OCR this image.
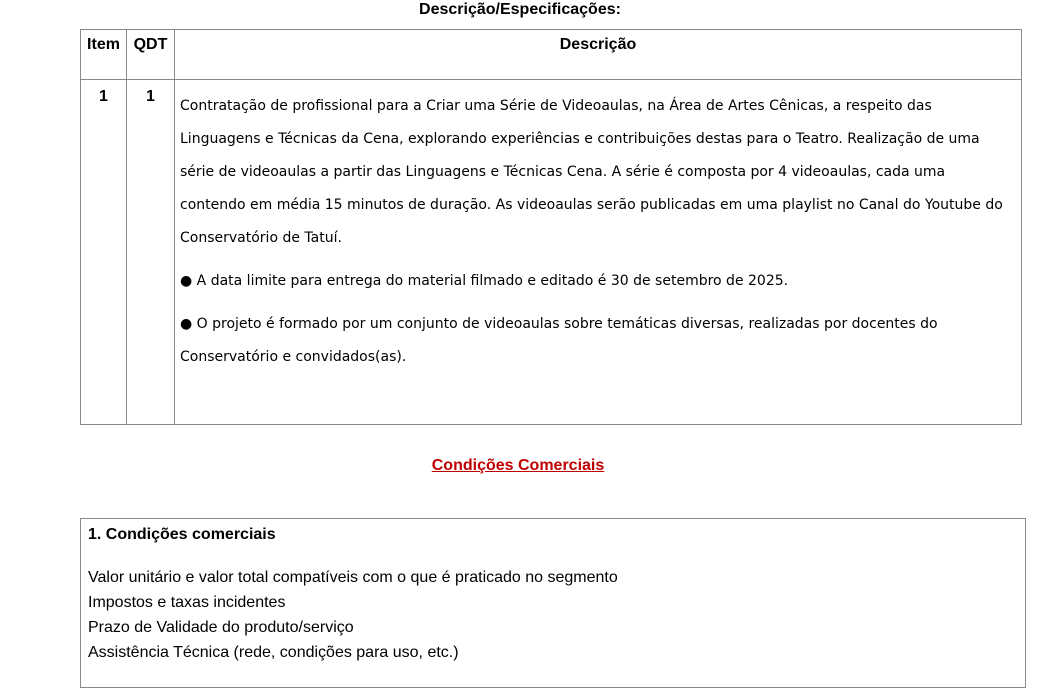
Descrição/Especificações:
Item	QDT	Descrição
1	1	Contratação de profissional para a Criar uma Série de Videoaulas, na Área de Artes Cênicas, a respeito das Linguagens e Técnicas da Cena, explorando experiências e contribuições destas para o Teatro. Realização de uma série de videoaulas a partir das Linguagens e Técnicas Cena. A série é composta por 4 videoaulas, cada uma contendo em média 15 minutos de duração. As videoaulas serão publicadas em uma playlist no Canal do Youtube do Conservatório de Tatuí.

● A data limite para entrega do material filmado e editado é 30 de setembro de 2025.

● O projeto é formado por um conjunto de videoaulas sobre temáticas diversas, realizadas por docentes do Conservatório e convidados(as).

Condições Comerciais
1. Condições comerciais
Valor unitário e valor total compatíveis com o que é praticado no segmento
Impostos e taxas incidentes
Prazo de Validade do produto/serviço
Assistência Técnica (rede, condições para uso, etc.)
